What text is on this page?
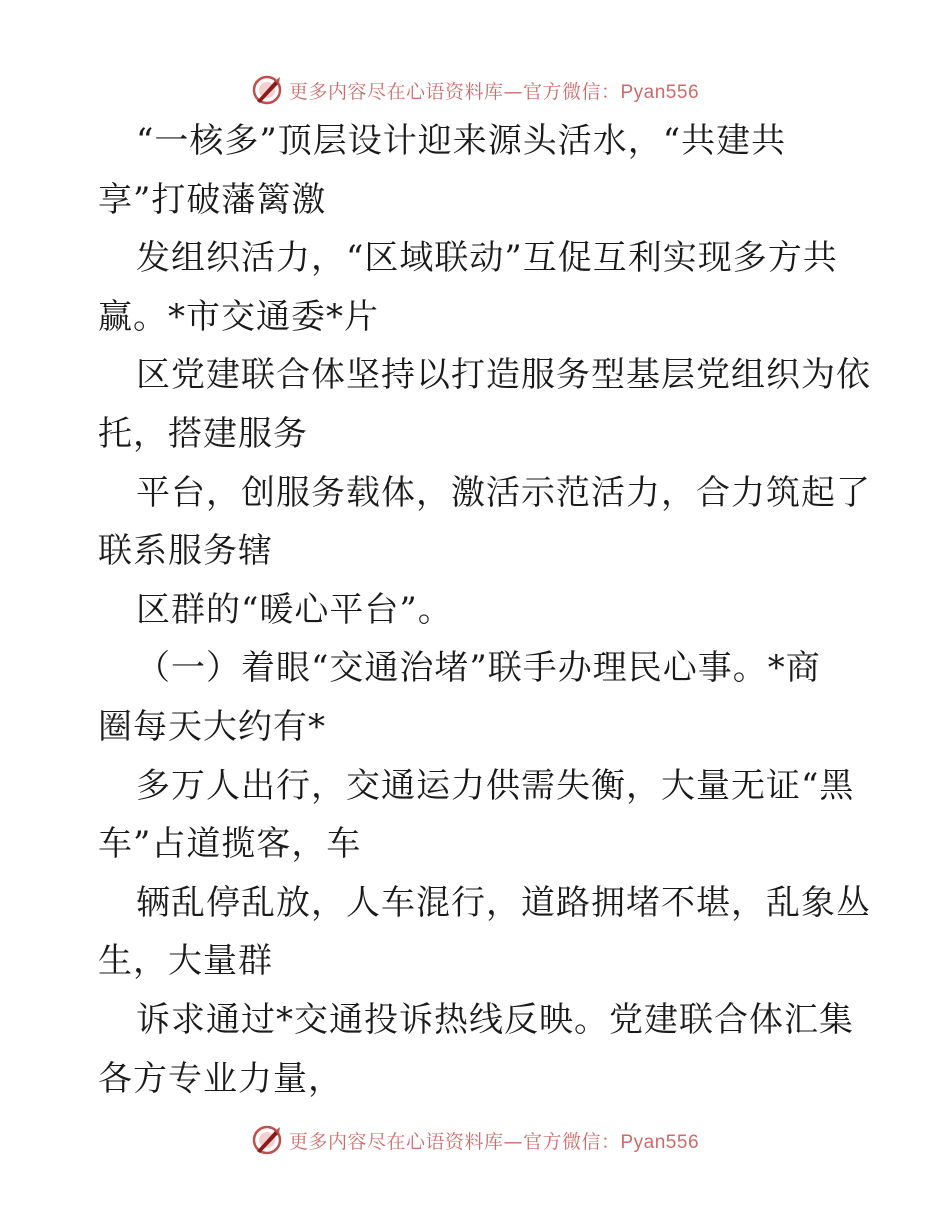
更多内容尽在心语资料库—官方微信：Pyan556
“一核多”顶层设计迎来源头活水，“共建共
享”打破藩篱激
发组织活力，“区域联动”互促互利实现多方共
赢。*市交通委*片
区党建联合体坚持以打造服务型基层党组织为依
托，搭建服务
平台，创服务载体，激活示范活力，合力筑起了
联系服务辖
区群的“暖心平台”。
（一）着眼“交通治堵”联手办理民心事。*商
圈每天大约有*
多万人出行，交通运力供需失衡，大量无证“黑
车”占道揽客，车
辆乱停乱放，人车混行，道路拥堵不堪，乱象丛
生，大量群
诉求通过*交通投诉热线反映。党建联合体汇集
各方专业力量，
更多内容尽在心语资料库—官方微信：Pyan556
